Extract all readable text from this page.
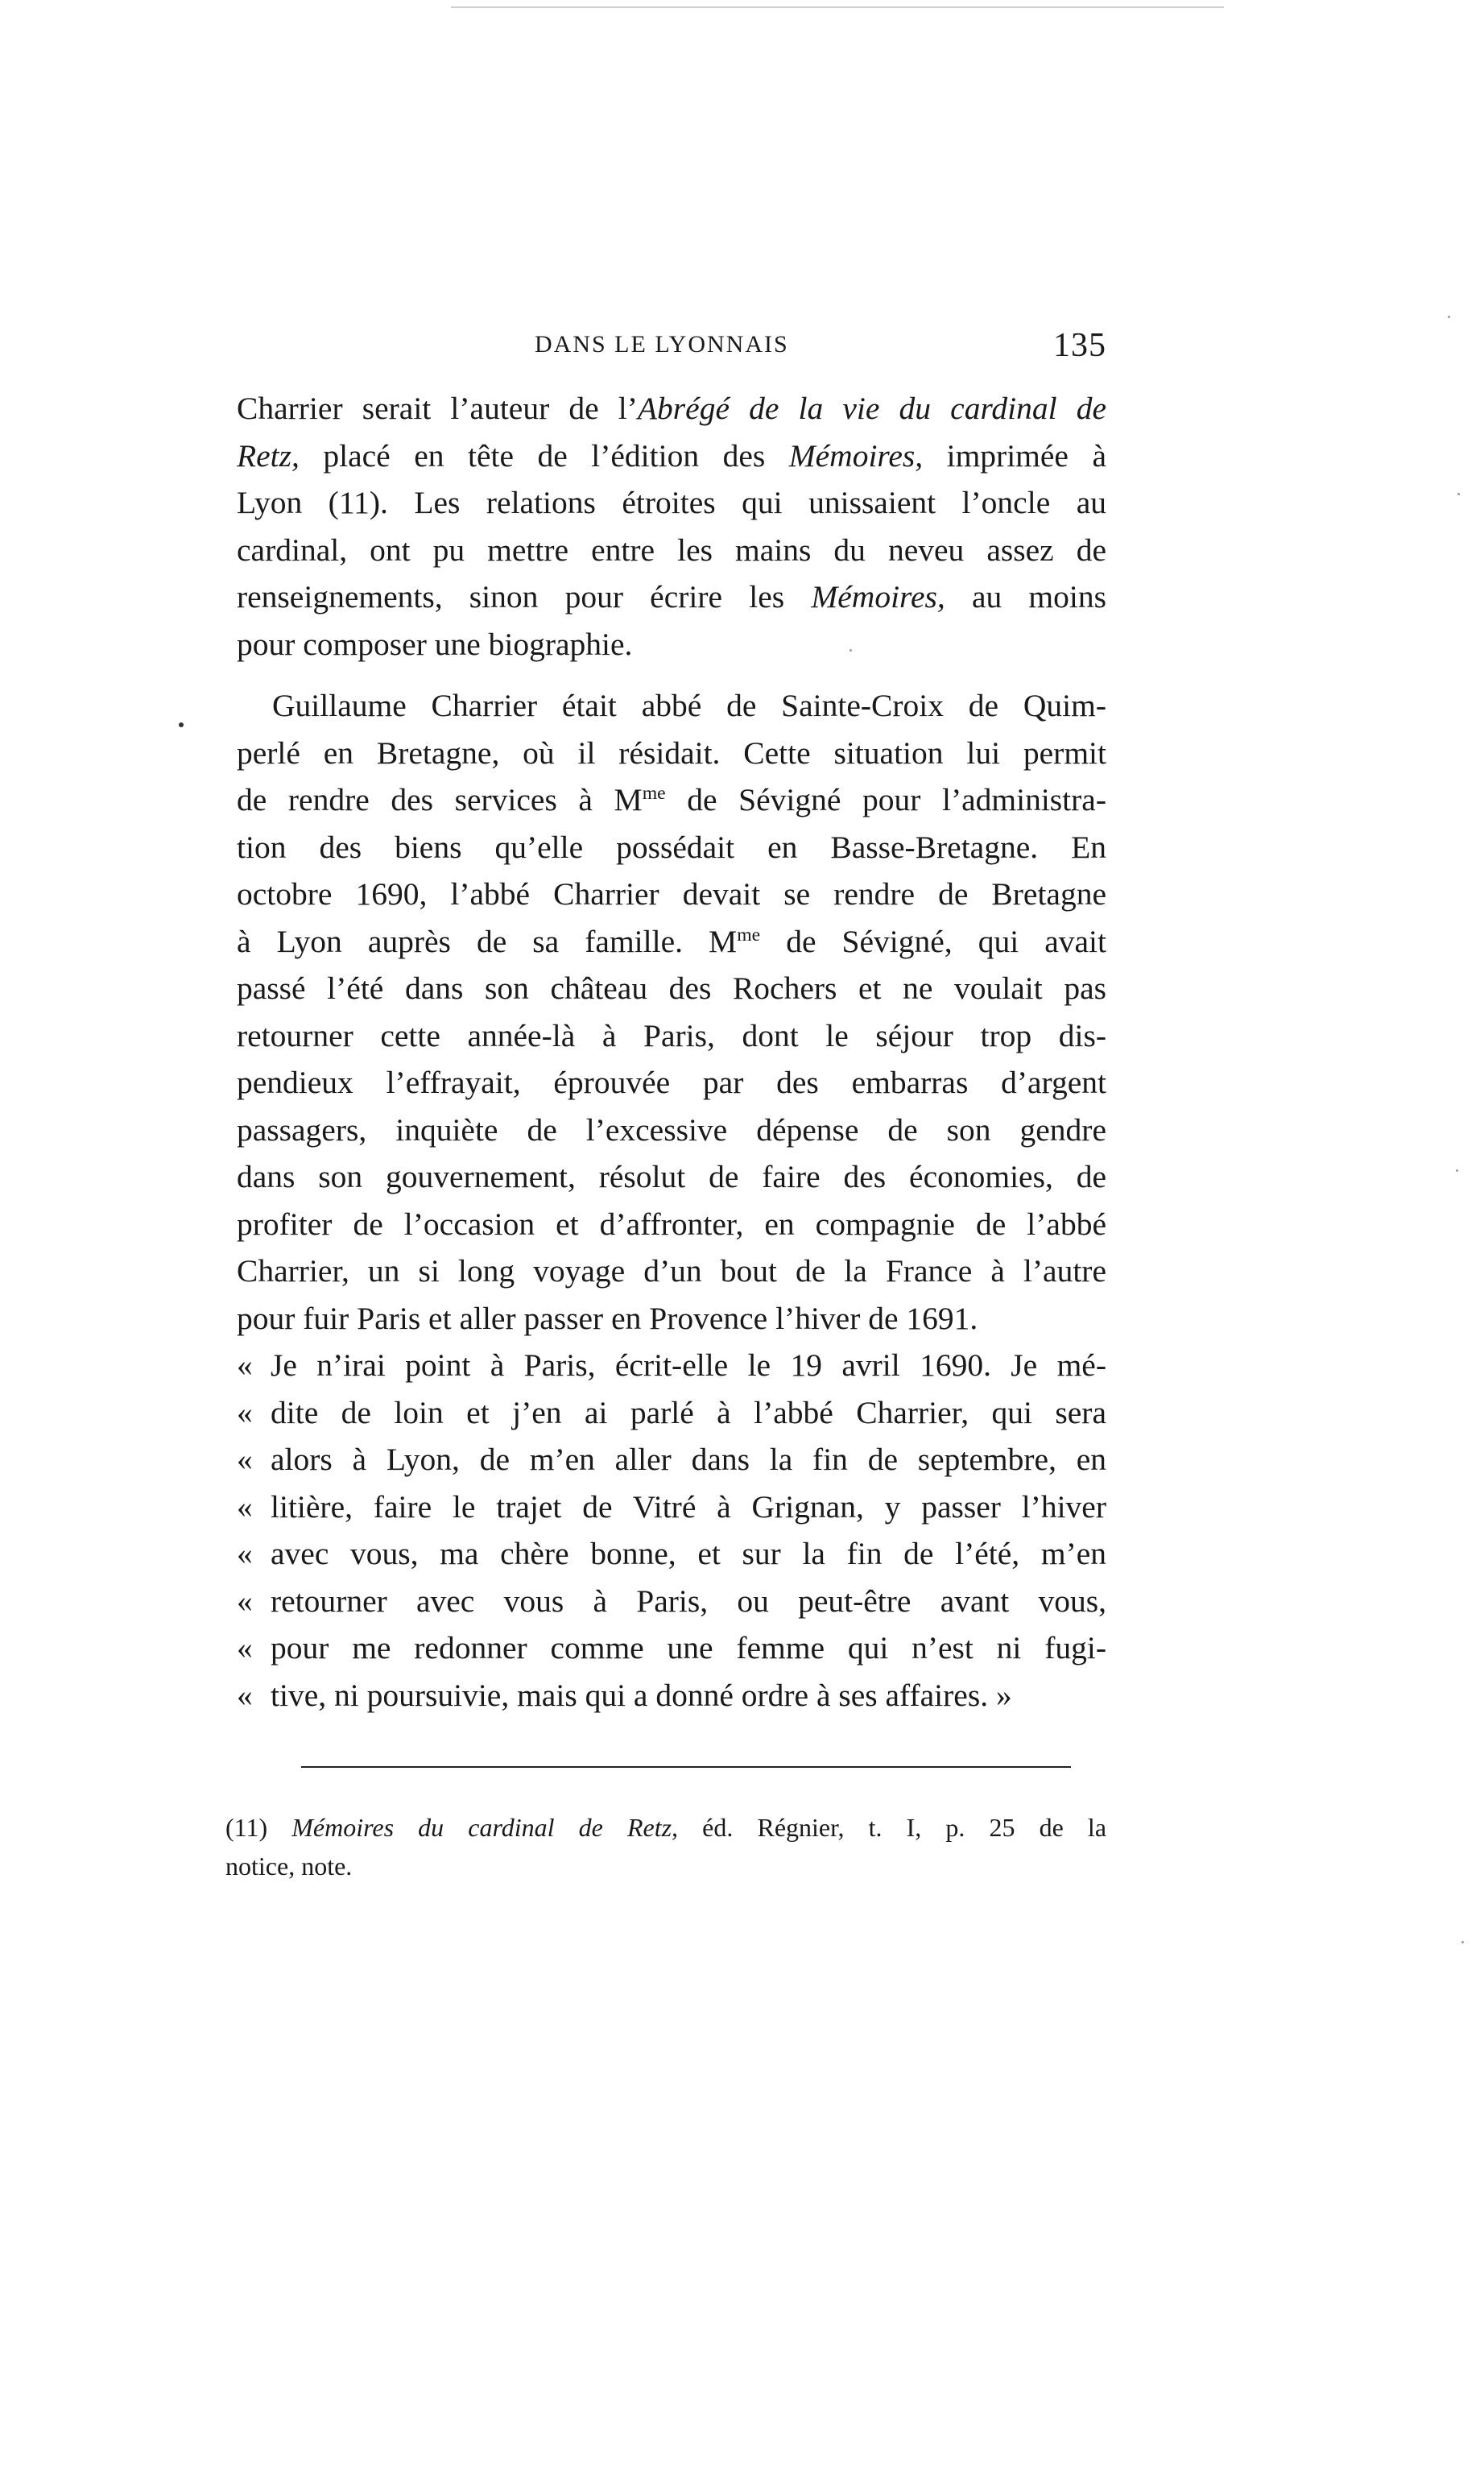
DANS LE LYONNAIS	135
Charrier serait l’auteur de l’Abrégé de la vie du cardinal de
Retz, placé en tête de l’édition des Mémoires, imprimée à
Lyon (11). Les relations étroites qui unissaient l’oncle au
cardinal, ont pu mettre entre les mains du neveu assez de
renseignements, sinon pour écrire les Mémoires, au moins
pour composer une biographie.
Guillaume Charrier était abbé de Sainte-Croix de Quim-
perlé en Bretagne, où il résidait. Cette situation lui permit
de rendre des services à $M^{me}$ de Sévigné pour l’administra-
tion des biens qu’elle possédait en Basse-Bretagne. En
octobre 1690, l’abbé Charrier devait se rendre de Bretagne
à Lyon auprès de sa famille. $M^{me}$ de Sévigné, qui avait
passé l’été dans son château des Rochers et ne voulait pas
retourner cette année-là à Paris, dont le séjour trop dis-
pendieux l’effrayait, éprouvée par des embarras d’argent
passagers, inquiète de l’excessive dépense de son gendre
dans son gouvernement, résolut de faire des économies, de
profiter de l’occasion et d’affronter, en compagnie de l’abbé
Charrier, un si long voyage d’un bout de la France à l’autre
pour fuir Paris et aller passer en Provence l’hiver de 1691.
« Je n’irai point à Paris, écrit-elle le 19 avril 1690. Je mé-
« dite de loin et j’en ai parlé à l’abbé Charrier, qui sera
« alors à Lyon, de m’en aller dans la fin de septembre, en
« litière, faire le trajet de Vitré à Grignan, y passer l’hiver
« avec vous, ma chère bonne, et sur la fin de l’été, m’en
« retourner avec vous à Paris, ou peut-être avant vous,
« pour me redonner comme une femme qui n’est ni fugi-
« tive, ni poursuivie, mais qui a donné ordre à ses affaires. »
(11) Mémoires du cardinal de Retz, éd. Régnier, t. I, p. 25 de la
notice, note.
